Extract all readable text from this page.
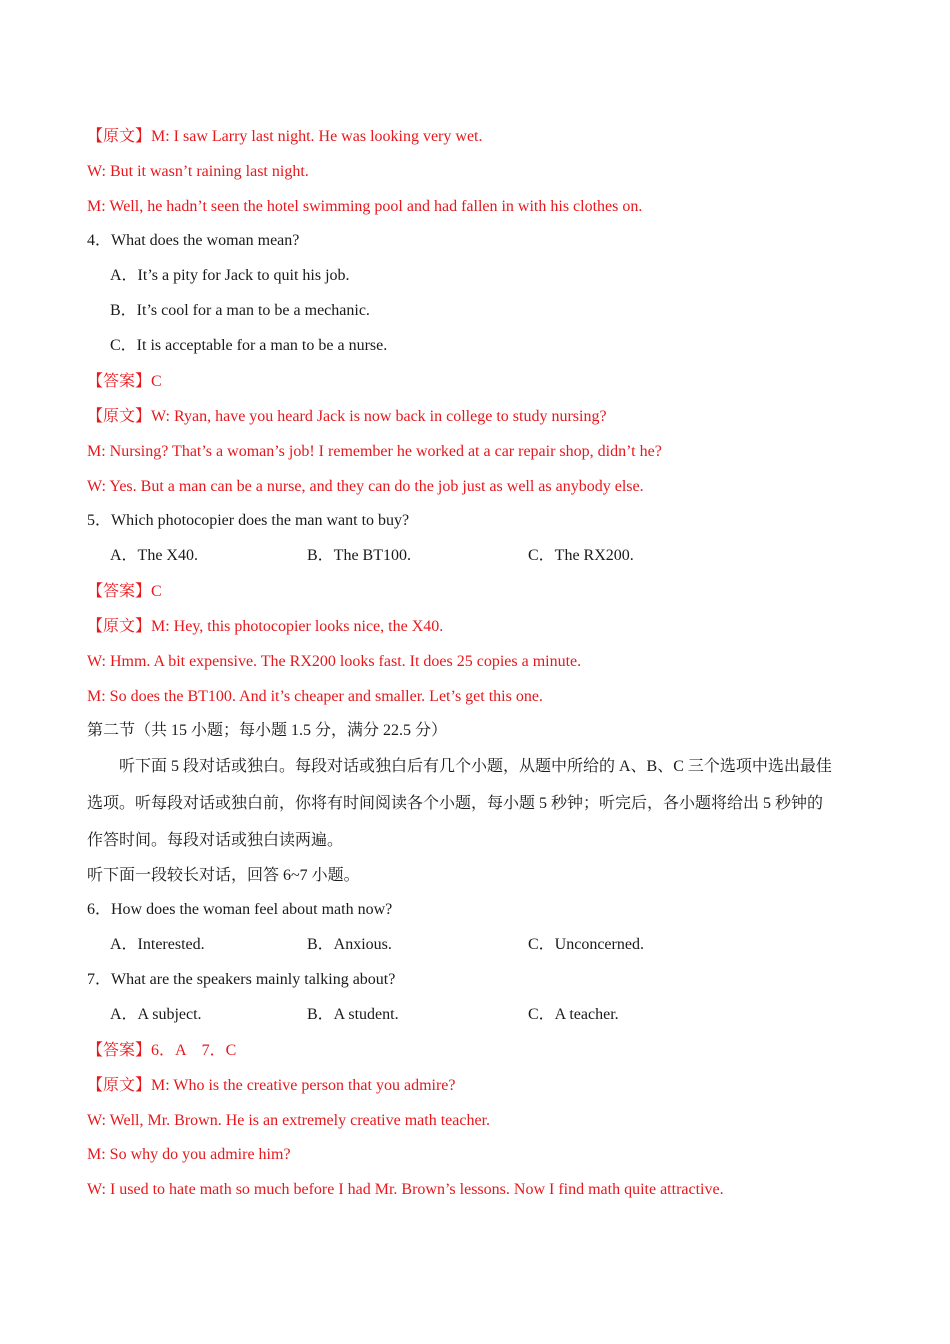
【原文】M: I saw Larry last night. He was looking very wet.
W: But it wasn’t raining last night.
M: Well, he hadn’t seen the hotel swimming pool and had fallen in with his clothes on.
4．What does the woman mean?
A．It’s a pity for Jack to quit his job.
B．It’s cool for a man to be a mechanic.
C．It is acceptable for a man to be a nurse.
【答案】C
【原文】W: Ryan, have you heard Jack is now back in college to study nursing?
M: Nursing? That’s a woman’s job! I remember he worked at a car repair shop, didn’t he?
W: Yes. But a man can be a nurse, and they can do the job just as well as anybody else.
5．Which photocopier does the man want to buy?
A．The X40.	B．The BT100.	C．The RX200.
【答案】C
【原文】M: Hey, this photocopier looks nice, the X40.
W: Hmm. A bit expensive. The RX200 looks fast. It does 25 copies a minute.
M: So does the BT100. And it’s cheaper and smaller. Let’s get this one.
第二节（共 15 小题；每小题 1.5 分，满分 22.5 分）
听下面 5 段对话或独白。每段对话或独白后有几个小题，从题中所给的 A、B、C 三个选项中选出最佳
选项。听每段对话或独白前，你将有时间阅读各个小题，每小题 5 秒钟；听完后，各小题将给出 5 秒钟的
作答时间。每段对话或独白读两遍。
听下面一段较长对话，回答 6~7 小题。
6．How does the woman feel about math now?
A．Interested.	B．Anxious.	C．Unconcerned.
7．What are the speakers mainly talking about?
A．A subject.	B．A student.	C．A teacher.
【答案】6．A　7．C
【原文】M: Who is the creative person that you admire?
W: Well, Mr. Brown. He is an extremely creative math teacher.
M: So why do you admire him?
W: I used to hate math so much before I had Mr. Brown’s lessons. Now I find math quite attractive.
